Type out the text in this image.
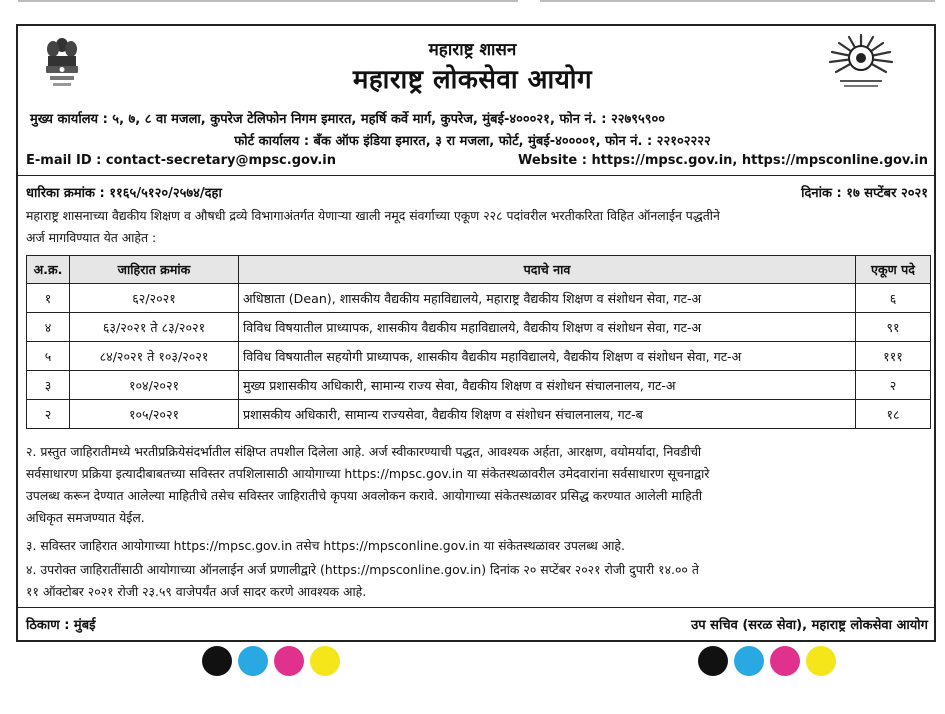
महाराष्ट्र शासन
महाराष्ट्र लोकसेवा आयोग
मुख्य कार्यालय : ५, ७, ८ वा मजला, कुपरेज टेलिफोन निगम इमारत, महर्षि कर्वे मार्ग, कुपरेज, मुंबई-४०००२१, फोन नं. : २२७९५९००
फोर्ट कार्यालय : बँक ऑफ इंडिया इमारत, ३ रा मजला, फोर्ट, मुंबई-४००००१, फोन नं. : २२१०२२२२
E-mail ID : contact-secretary@mpsc.gov.in	Website : https://mpsc.gov.in, https://mpsconline.gov.in
धारिका क्रमांक : ११६५/५१२०/२५७४/दहा	दिनांक : १७ सप्टेंबर २०२१
महाराष्ट्र शासनाच्या वैद्यकीय शिक्षण व औषधी द्रव्ये विभागाअंतर्गत येणाऱ्या खाली नमूद संवर्गाच्या एकूण २२८ पदांवरील भरतीकरिता विहित ऑनलाईन पद्धतीने
अर्ज मागविण्यात येत आहेत :
अ.क्र.	जाहिरात क्रमांक	पदाचे नाव	एकूण पदे
१	६२/२०२१	अधिष्ठाता (Dean), शासकीय वैद्यकीय महाविद्यालये, महाराष्ट्र वैद्यकीय शिक्षण व संशोधन सेवा, गट-अ	६
४	६३/२०२१ ते ८३/२०२१	विविध विषयातील प्राध्यापक, शासकीय वैद्यकीय महाविद्यालये, वैद्यकीय शिक्षण व संशोधन सेवा, गट-अ	९१
५	८४/२०२१ ते १०३/२०२१	विविध विषयातील सहयोगी प्राध्यापक, शासकीय वैद्यकीय महाविद्यालये, वैद्यकीय शिक्षण व संशोधन सेवा, गट-अ	१११
३	१०४/२०२१	मुख्य प्रशासकीय अधिकारी, सामान्य राज्य सेवा, वैद्यकीय शिक्षण व संशोधन संचालनालय, गट-अ	२
२	१०५/२०२१	प्रशासकीय अधिकारी, सामान्य राज्यसेवा, वैद्यकीय शिक्षण व संशोधन संचालनालय, गट-ब	१८
२. प्रस्तुत जाहिरातीमध्ये भरतीप्रक्रियेसंदर्भातील संक्षिप्त तपशील दिलेला आहे. अर्ज स्वीकारण्याची पद्धत, आवश्यक अर्हता, आरक्षण, वयोमर्यादा, निवडीची
सर्वसाधारण प्रक्रिया इत्यादीबाबतच्या सविस्तर तपशिलासाठी आयोगाच्या https://mpsc.gov.in या संकेतस्थळावरील उमेदवारांना सर्वसाधारण सूचनाद्वारे
उपलब्ध करून देण्यात आलेल्या माहितीचे तसेच सविस्तर जाहिरातीचे कृपया अवलोकन करावे. आयोगाच्या संकेतस्थळावर प्रसिद्ध करण्यात आलेली माहिती
अधिकृत समजण्यात येईल.
३. सविस्तर जाहिरात आयोगाच्या https://mpsc.gov.in तसेच https://mpsconline.gov.in या संकेतस्थळावर उपलब्ध आहे.
४. उपरोक्त जाहिरातींसाठी आयोगाच्या ऑनलाईन अर्ज प्रणालीद्वारे (https://mpsconline.gov.in) दिनांक २० सप्टेंबर २०२१ रोजी दुपारी १४.०० ते
११ ऑक्टोबर २०२१ रोजी २३.५९ वाजेपर्यंत अर्ज सादर करणे आवश्यक आहे.
ठिकाण : मुंबई	उप सचिव (सरळ सेवा), महाराष्ट्र लोकसेवा आयोग
